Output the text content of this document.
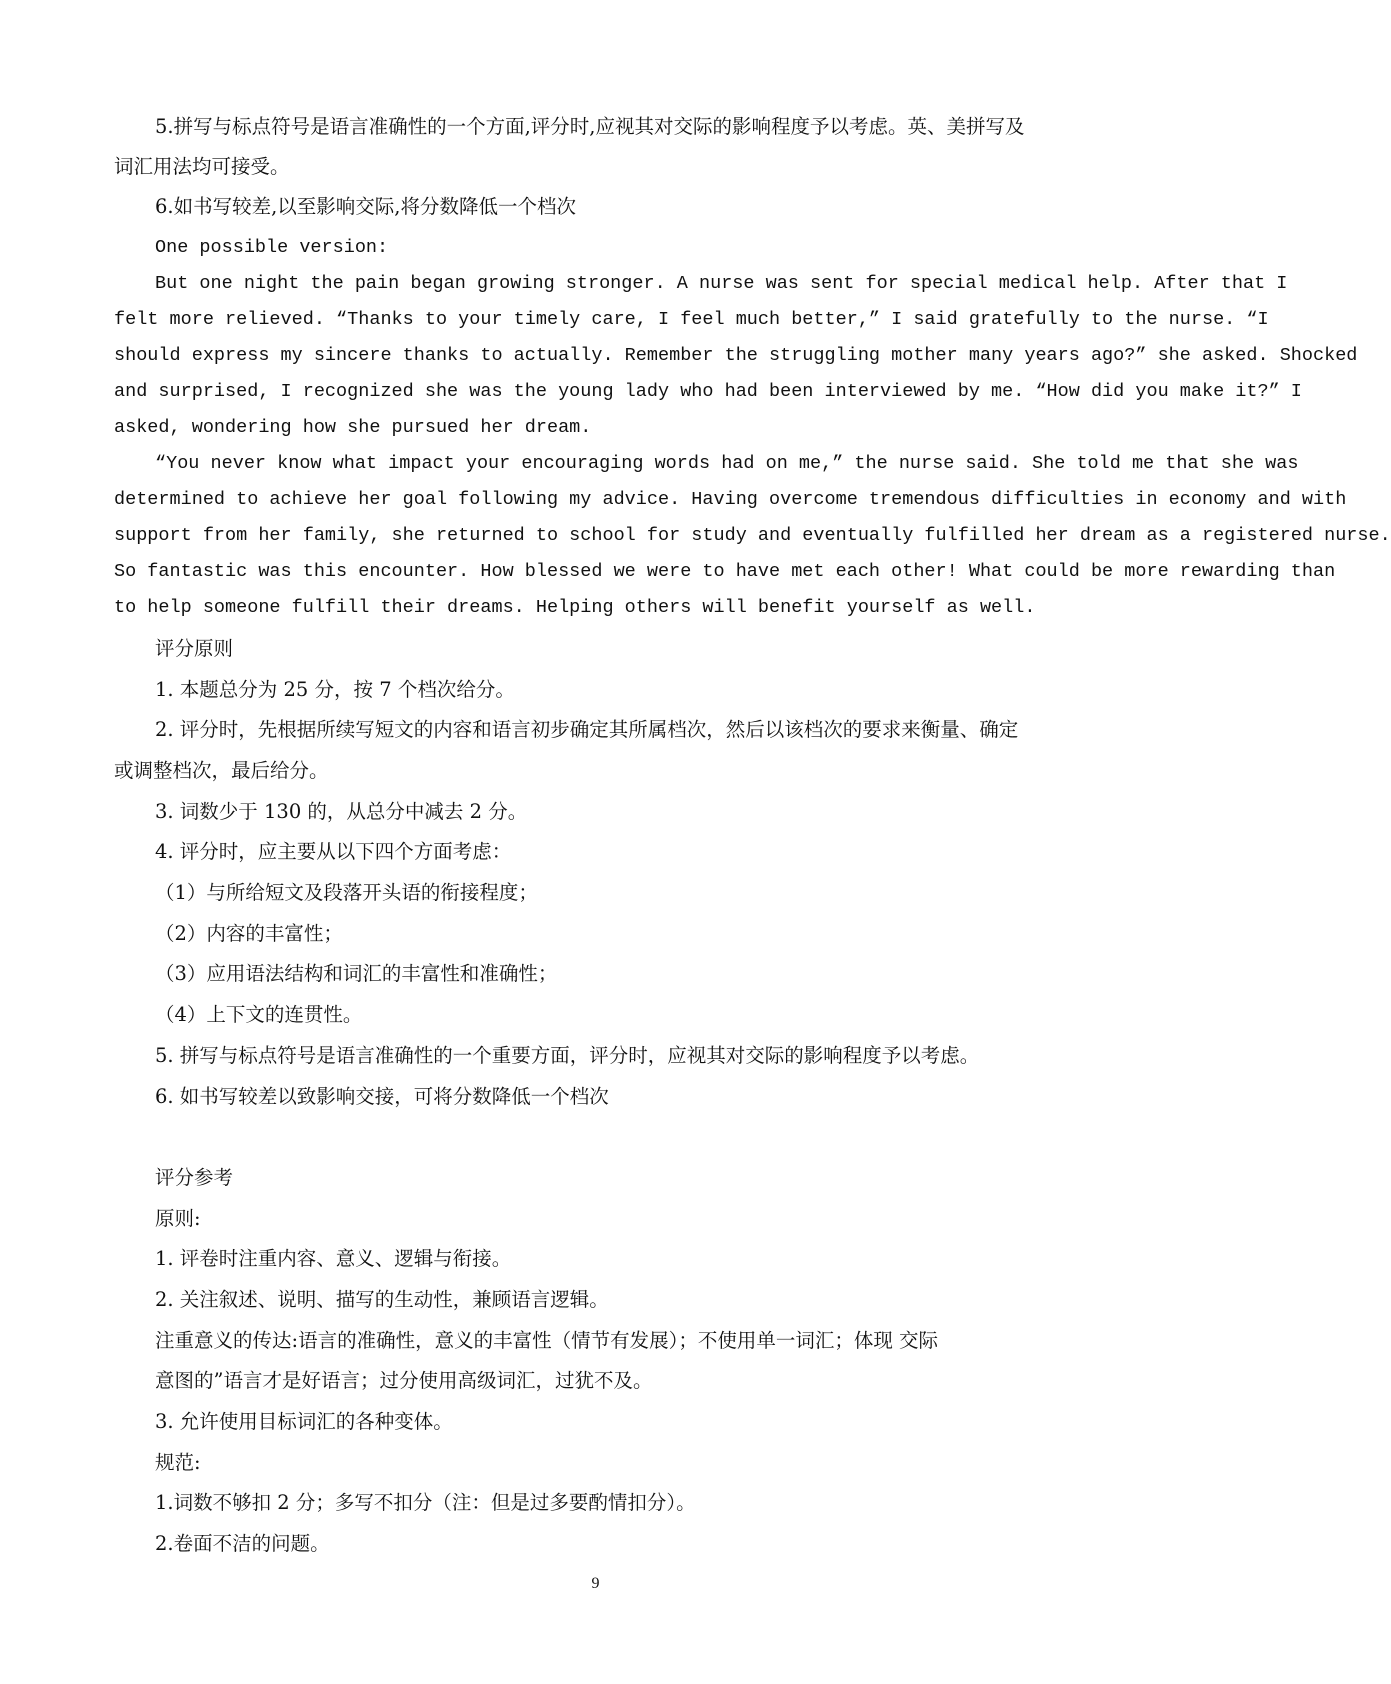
5.拼写与标点符号是语言准确性的一个方面,评分时,应视其对交际的影响程度予以考虑。英、美拼写及
词汇用法均可接受。
6.如书写较差,以至影响交际,将分数降低一个档次
One possible version:
But one night the pain began growing stronger. A nurse was sent for special medical help. After that I
felt more relieved. “Thanks to your timely care, I feel much better,” I said gratefully to the nurse. “I
should express my sincere thanks to actually. Remember the struggling mother many years ago?” she asked. Shocked
and surprised, I recognized she was the young lady who had been interviewed by me. “How did you make it?” I
asked, wondering how she pursued her dream.
“You never know what impact your encouraging words had on me,” the nurse said. She told me that she was
determined to achieve her goal following my advice. Having overcome tremendous difficulties in economy and with
support from her family, she returned to school for study and eventually fulfilled her dream as a registered nurse.
So fantastic was this encounter. How blessed we were to have met each other! What could be more rewarding than
to help someone fulfill their dreams. Helping others will benefit yourself as well.
评分原则
1. 本题总分为 25 分，按 7 个档次给分。
2. 评分时，先根据所续写短文的内容和语言初步确定其所属档次，然后以该档次的要求来衡量、确定
或调整档次，最后给分。
3. 词数少于 130 的，从总分中减去 2 分。
4. 评分时，应主要从以下四个方面考虑：
（1）与所给短文及段落开头语的衔接程度；
（2）内容的丰富性；
（3）应用语法结构和词汇的丰富性和准确性；
（4）上下文的连贯性。
5. 拼写与标点符号是语言准确性的一个重要方面，评分时，应视其对交际的影响程度予以考虑。
6. 如书写较差以致影响交接，可将分数降低一个档次
评分参考
原则:
1. 评卷时注重内容、意义、逻辑与衔接。
2. 关注叙述、说明、描写的生动性，兼顾语言逻辑。
注重意义的传达:语言的准确性，意义的丰富性（情节有发展）；不使用单一词汇；体现 交际
意图的”语言才是好语言；过分使用高级词汇，过犹不及。
3. 允许使用目标词汇的各种变体。
规范:
1.词数不够扣 2 分；多写不扣分（注：但是过多要酌情扣分）。
2.卷面不洁的问题。
9
